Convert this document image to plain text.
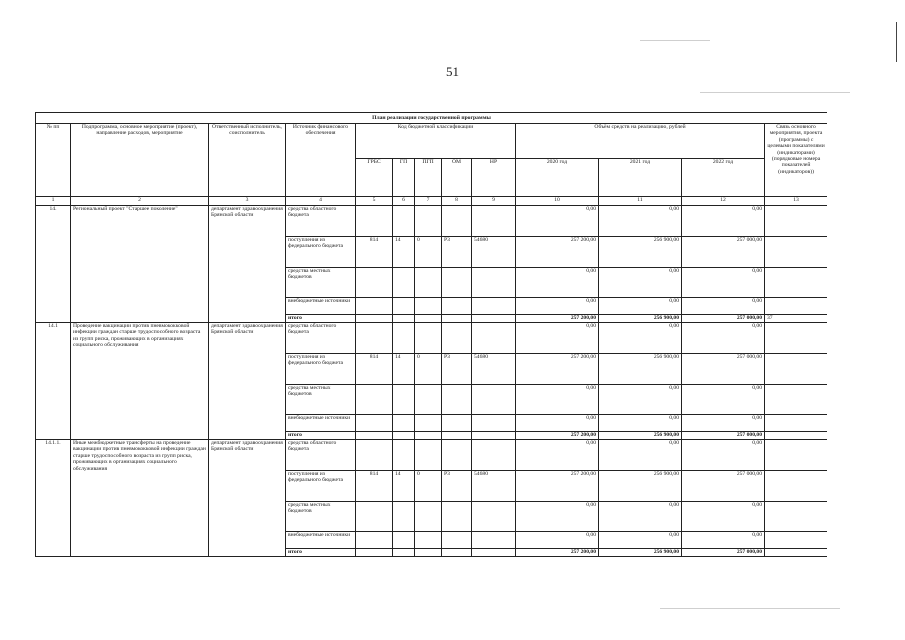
51
План реализации государственной программы												
№ пп	Подпрограмма, основное мероприятие (проект), направление расходов, мероприятие	Ответственный исполнитель, соисполнитель	Источник финансового обеспечения	Код бюджетной классификации					Объём средств на реализацию, рублей			Связь основного мероприятия, проекта (программы) с целевыми показателями (индикаторами) (порядковые номера показателей (индикаторов))
				ГРБС	ГП	ПГП	ОМ	НР	2020 год	2021 год	2022 год	
1	2	3	4	5	6	7	8	9	10	11	12	13
14.	Региональный проект "Старшее поколение"	департамент здравоохранения Брянской области	средства областного бюджета						0,00	0,00	0,00	
			поступления из федерального бюджета	814	14	0	Р3	54680	257 200,00	256 900,00	257 000,00	
			средства местных бюджетов						0,00	0,00	0,00	
			внебюджетные источники						0,00	0,00	0,00	
			итого						257 200,00	256 900,00	257 000,00	37
14.1	Проведение вакцинации против пневмококковой инфекции граждан старше трудоспособного возраста из групп риска, проживающих в организациях социального обслуживания	департамент здравоохранения Брянской области	средства областного бюджета						0,00	0,00	0,00	
			поступления из федерального бюджета	814	14	0	Р3	54680	257 200,00	256 900,00	257 000,00	
			средства местных бюджетов						0,00	0,00	0,00	
			внебюджетные источники						0,00	0,00	0,00	
			итого						257 200,00	256 900,00	257 000,00	
14.1.1.	Иные межбюджетные трансферты на проведение вакцинации против пневмококковой инфекции граждан старше трудоспособного возраста из групп риска, проживающих в организациях социального обслуживания	департамент здравоохранения Брянской области	средства областного бюджета						0,00	0,00	0,00	
			поступления из федерального бюджета	814	14	0	Р3	54680	257 200,00	256 900,00	257 000,00	
			средства местных бюджетов						0,00	0,00	0,00	
			внебюджетные источники						0,00	0,00	0,00	
			итого						257 200,00	256 900,00	257 000,00	
